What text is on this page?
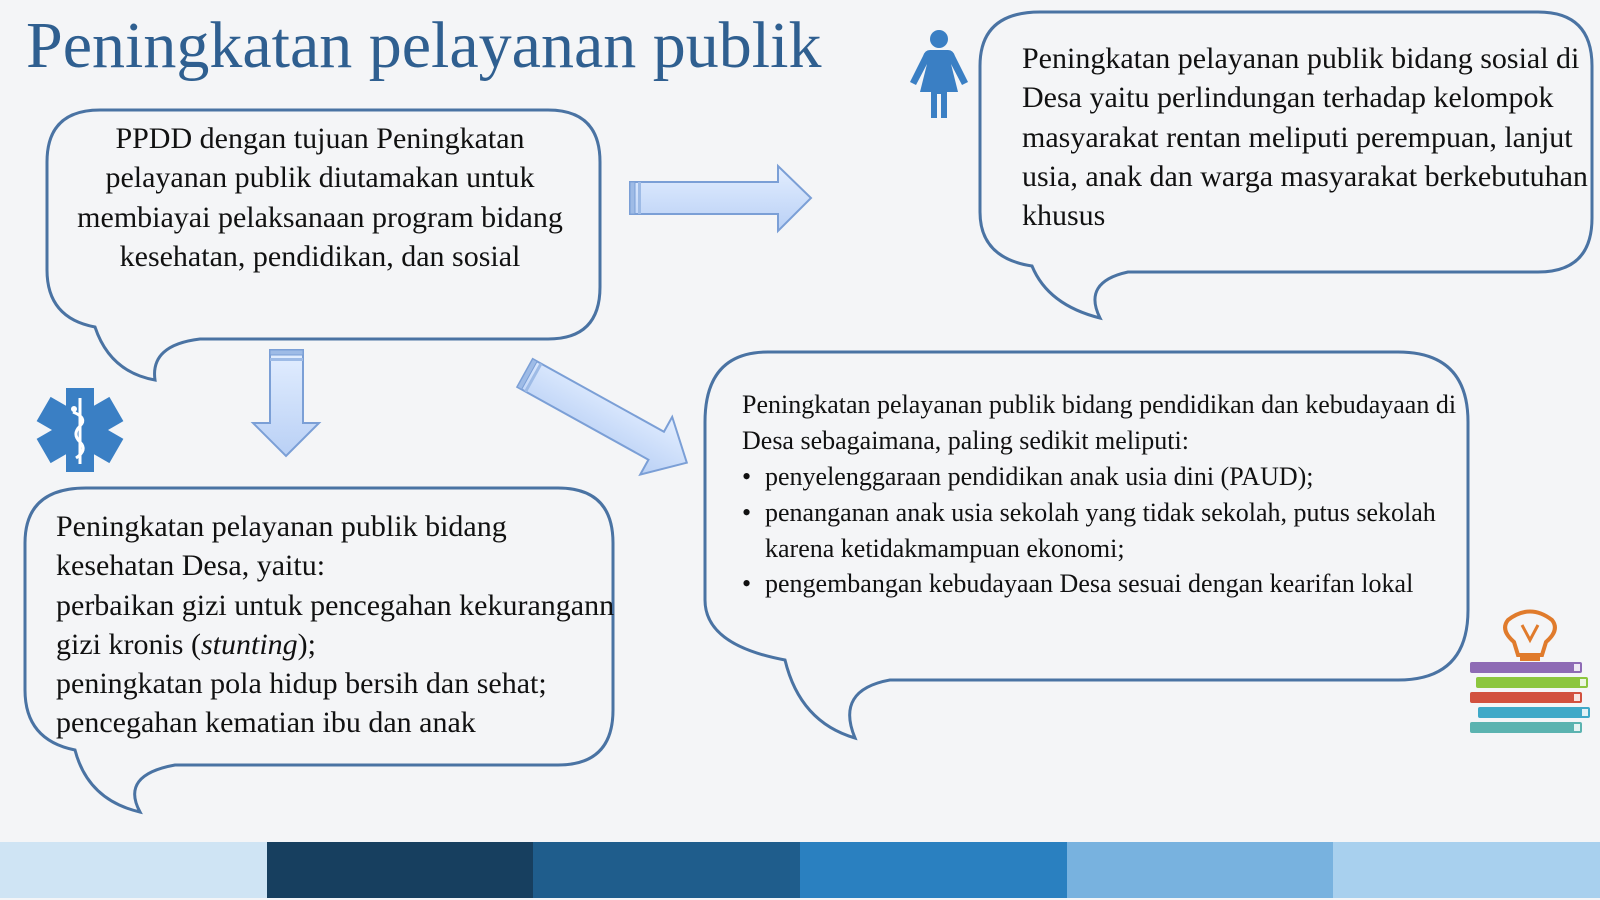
Peningkatan pelayanan publik
PPDD dengan tujuan Peningkatan pelayanan publik diutamakan untuk membiayai pelaksanaan program bidang kesehatan, pendidikan, dan sosial
Peningkatan pelayanan publik bidang sosial di Desa yaitu perlindungan terhadap kelompok masyarakat rentan meliputi perempuan, lanjut usia, anak dan warga masyarakat berkebutuhan khusus
Peningkatan pelayanan publik bidang kesehatan Desa, yaitu:
perbaikan gizi untuk pencegahan kekurangann gizi kronis (stunting);
peningkatan pola hidup bersih dan sehat;
pencegahan kematian ibu dan anak
Peningkatan pelayanan publik bidang pendidikan dan kebudayaan di Desa sebagaimana, paling sedikit meliputi:
• penyelenggaraan pendidikan anak usia dini (PAUD);
• penanganan anak usia sekolah yang tidak sekolah, putus sekolah karena ketidakmampuan ekonomi;
• pengembangan kebudayaan Desa sesuai dengan kearifan lokal
